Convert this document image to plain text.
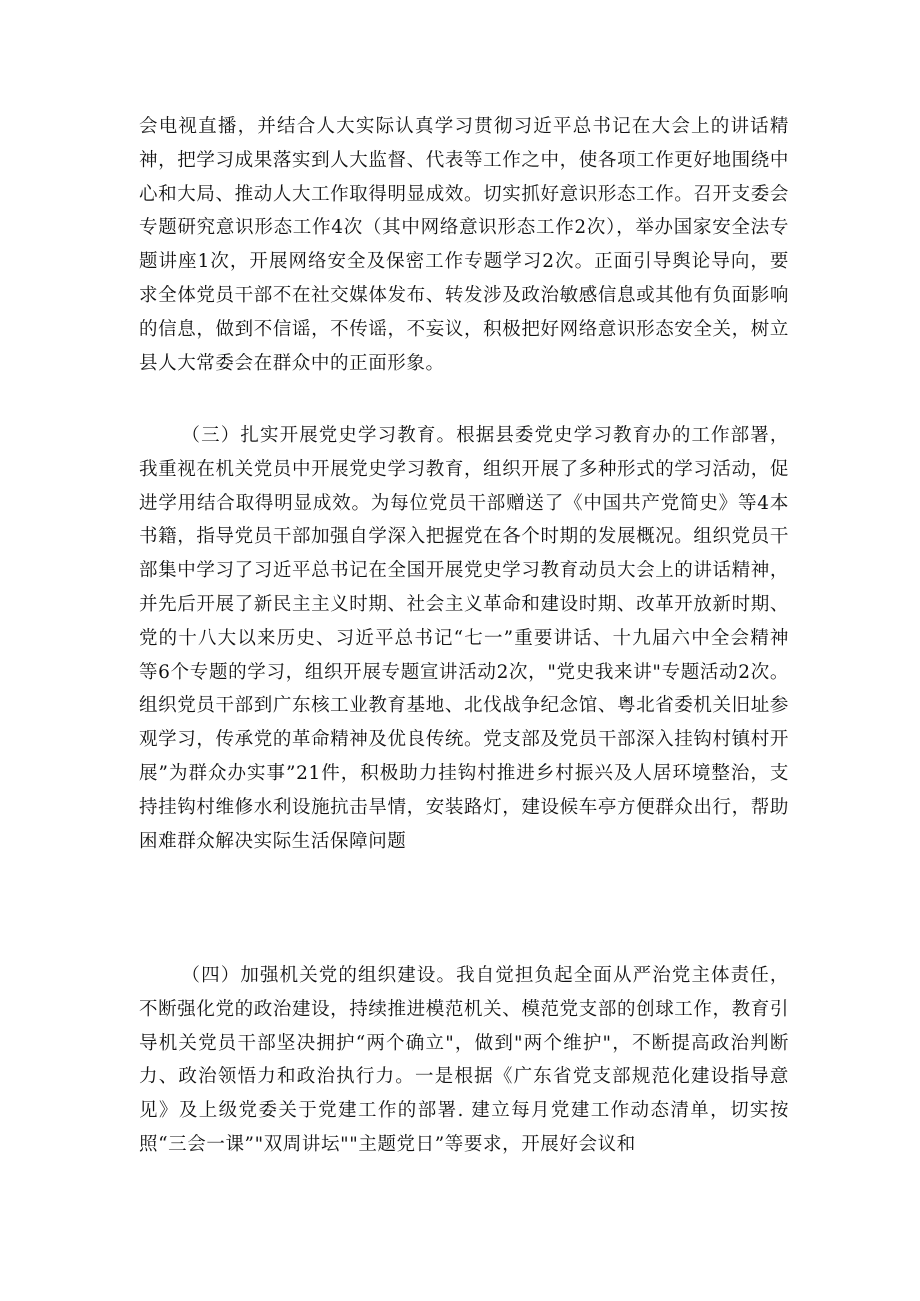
会电视直播，并结合人大实际认真学习贯彻习近平总书记在大会上的讲话精神，把学习成果落实到人大监督、代表等工作之中，使各项工作更好地围绕中心和大局、推动人大工作取得明显成效。切实抓好意识形态工作。召开支委会专题研究意识形态工作4次（其中网络意识形态工作2次），举办国家安全法专题讲座1次，开展网络安全及保密工作专题学习2次。正面引导舆论导向，要求全体党员干部不在社交媒体发布、转发涉及政治敏感信息或其他有负面影响的信息，做到不信谣，不传谣，不妄议，积极把好网络意识形态安全关，树立县人大常委会在群众中的正面形象。

（三）扎实开展党史学习教育。根据县委党史学习教育办的工作部署，我重视在机关党员中开展党史学习教育，组织开展了多种形式的学习活动，促进学用结合取得明显成效。为每位党员干部赠送了《中国共产党简史》等4本书籍，指导党员干部加强自学深入把握党在各个时期的发展概况。组织党员干部集中学习了习近平总书记在全国开展党史学习教育动员大会上的讲话精神，并先后开展了新民主主义时期、社会主义革命和建设时期、改革开放新时期、党的十八大以来历史、习近平总书记“七一”重要讲话、十九届六中全会精神等6个专题的学习，组织开展专题宣讲活动2次，"党史我来讲"专题活动2次。组织党员干部到广东核工业教育基地、北伐战争纪念馆、粤北省委机关旧址参观学习，传承党的革命精神及优良传统。党支部及党员干部深入挂钩村镇村开展”为群众办实事”21件，积极助力挂钩村推进乡村振兴及人居环境整治，支持挂钩村维修水利设施抗击旱情，安装路灯，建设候车亭方便群众出行，帮助困难群众解决实际生活保障问题

（四）加强机关党的组织建设。我自觉担负起全面从严治党主体责任，不断强化党的政治建设，持续推进模范机关、模范党支部的创球工作，教育引导机关党员干部坚决拥护“两个确立"，做到"两个维护"，不断提高政治判断力、政治领悟力和政治执行力。一是根据《广东省党支部规范化建设指导意见》及上级党委关于党建工作的部署. 建立每月党建工作动态清单，切实按照“三会一课”"双周讲坛""主题党日”等要求，开展好会议和
